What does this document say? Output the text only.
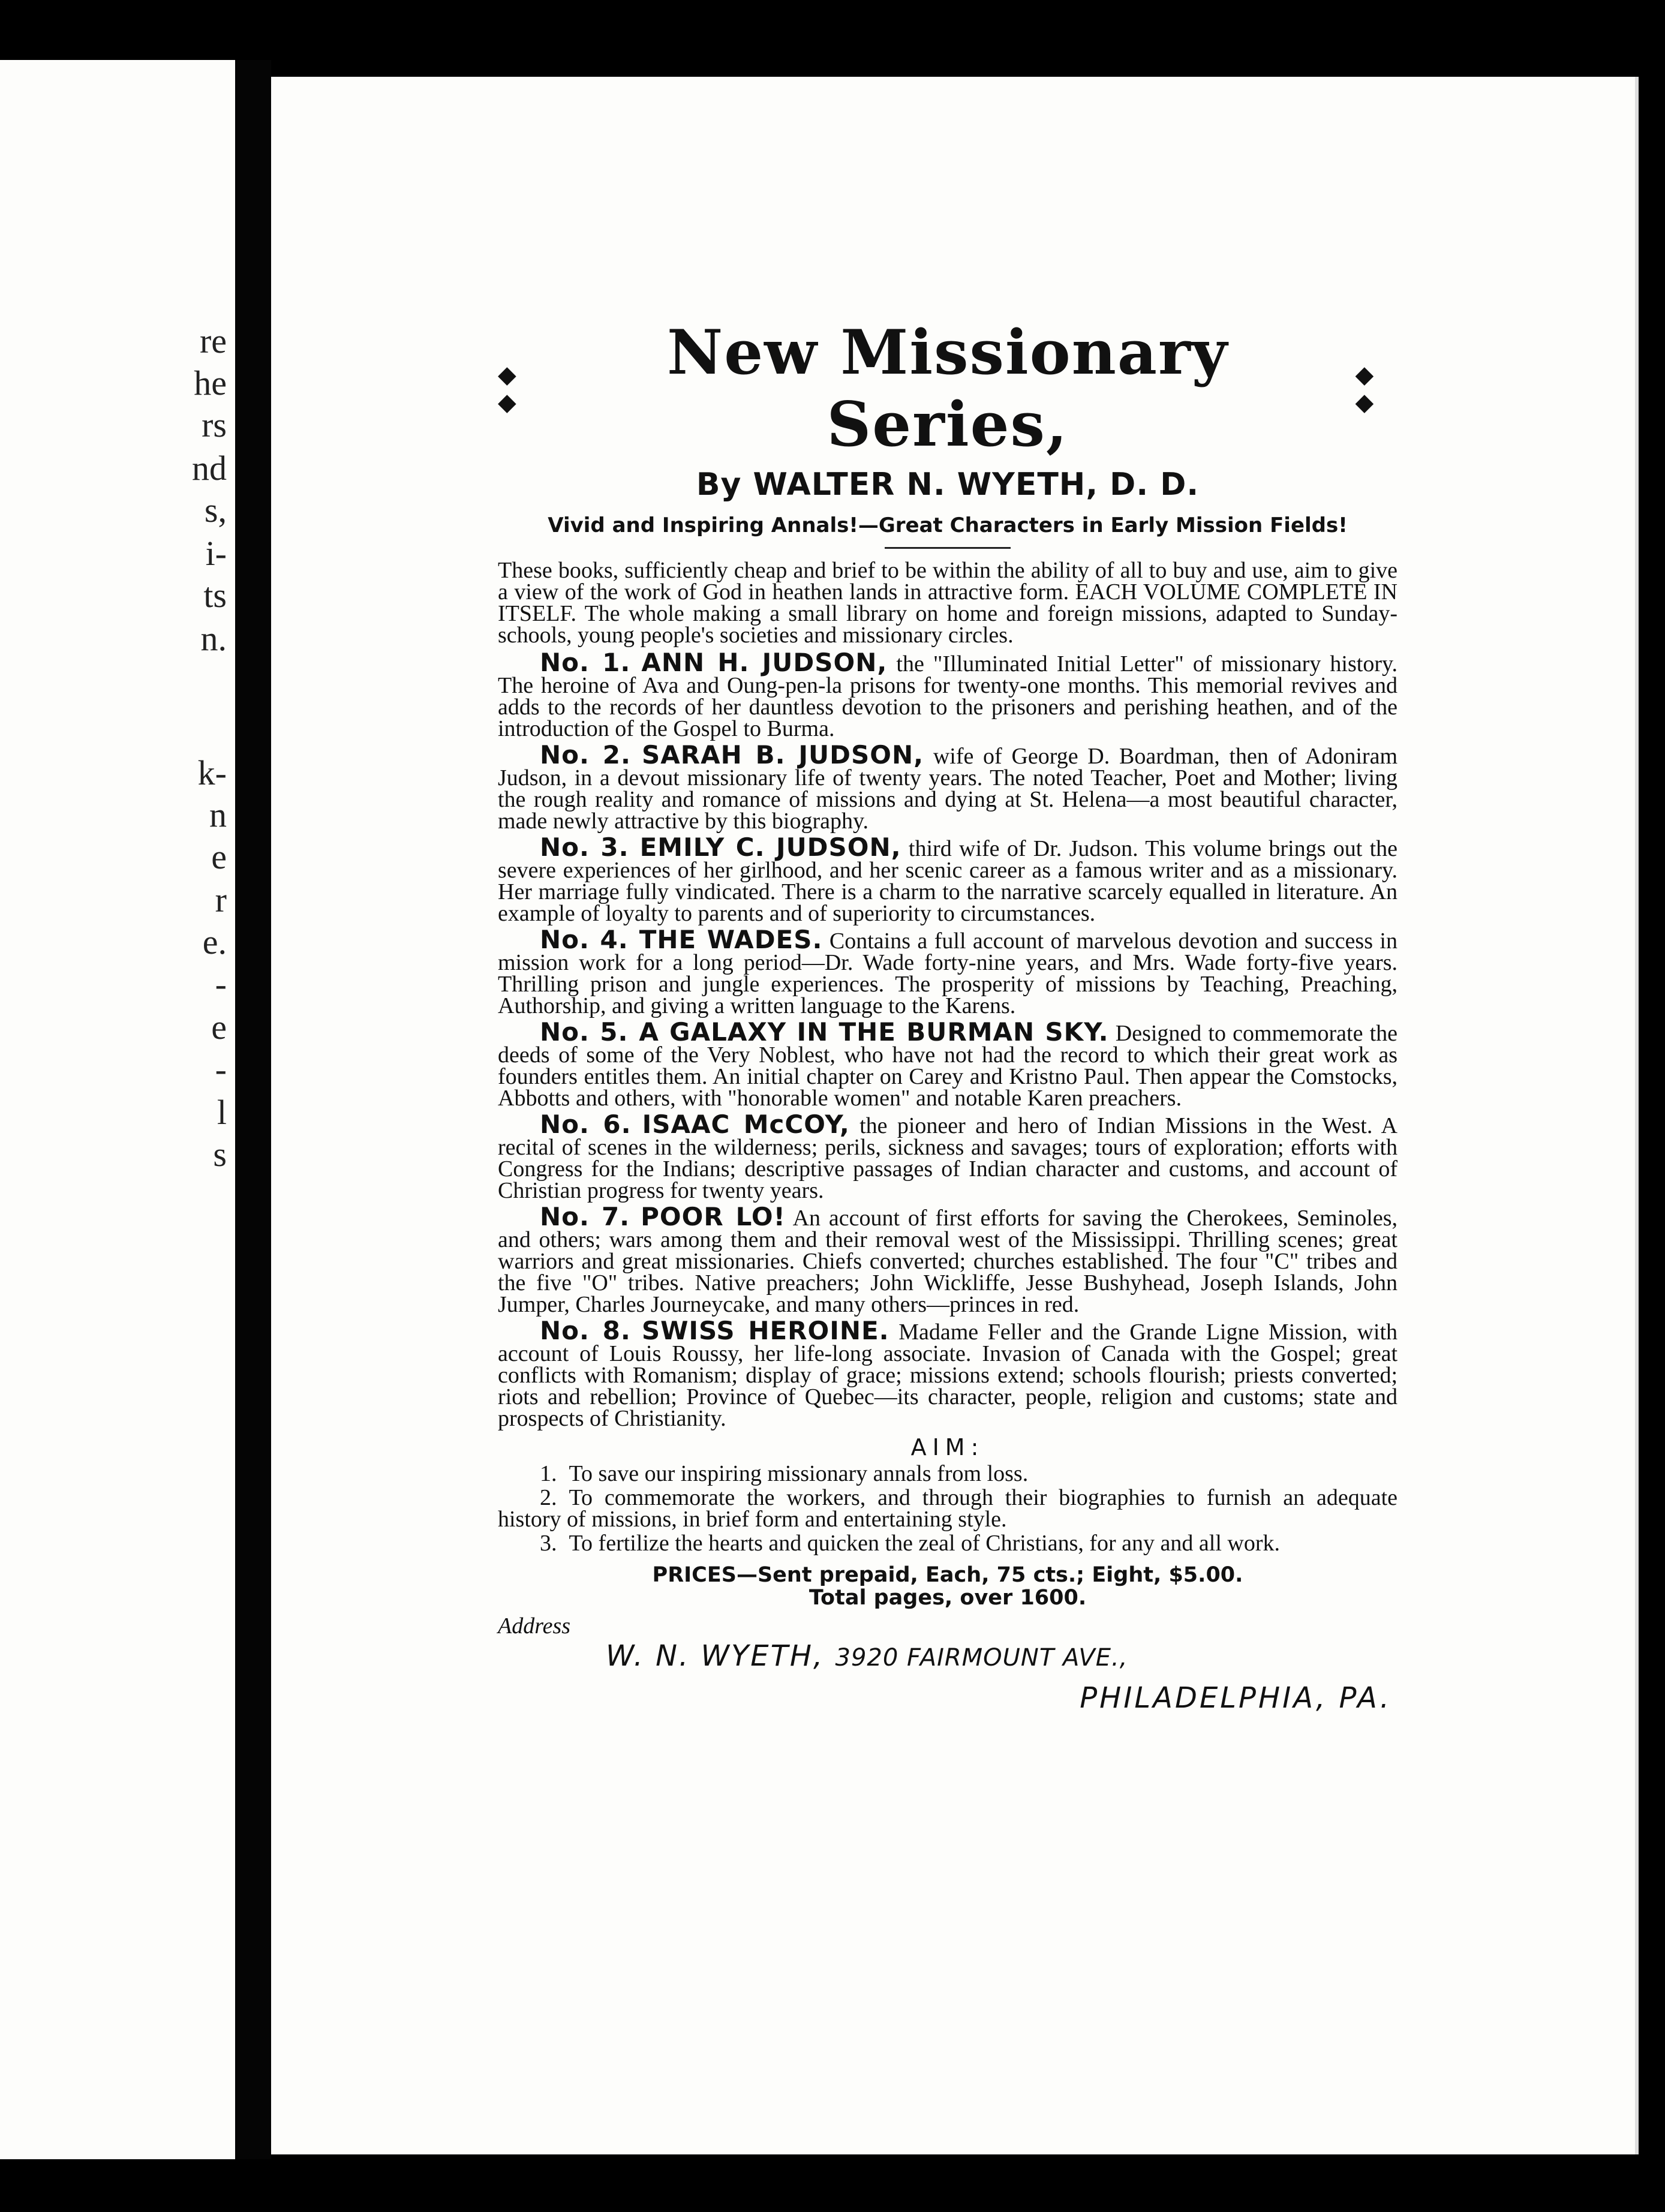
re
he
rs
nd
s,
i-
ts
n.
k-
n
e
r
e.
-
e
-
l
s
◆ ◆
New Missionary Series,
◆ ◆
By WALTER N. WYETH, D. D.
Vivid and Inspiring Annals!—Great Characters in Early Mission Fields!

These books, sufficiently cheap and brief to be within the ability of all to buy and use, aim to give a view of the work of God in heathen lands in attractive form. EACH VOLUME COMPLETE IN ITSELF. The whole making a small library on home and foreign missions, adapted to Sunday-schools, young people's societies and missionary circles.

No. 1. ANN H. JUDSON, the "Illuminated Initial Letter" of missionary history. The heroine of Ava and Oung-pen-la prisons for twenty-one months. This memorial revives and adds to the records of her dauntless devotion to the prisoners and perishing heathen, and of the introduction of the Gospel to Burma.

No. 2. SARAH B. JUDSON, wife of George D. Boardman, then of Adoniram Judson, in a devout missionary life of twenty years. The noted Teacher, Poet and Mother; living the rough reality and romance of missions and dying at St. Helena—a most beautiful character, made newly attractive by this biography.

No. 3. EMILY C. JUDSON, third wife of Dr. Judson. This volume brings out the severe experiences of her girlhood, and her scenic career as a famous writer and as a missionary. Her marriage fully vindicated. There is a charm to the narrative scarcely equalled in literature. An example of loyalty to parents and of superiority to circumstances.

No. 4. THE WADES. Contains a full account of marvelous devotion and success in mission work for a long period—Dr. Wade forty-nine years, and Mrs. Wade forty-five years. Thrilling prison and jungle experiences. The prosperity of missions by Teaching, Preaching, Authorship, and giving a written language to the Karens.

No. 5. A GALAXY IN THE BURMAN SKY. Designed to commemorate the deeds of some of the Very Noblest, who have not had the record to which their great work as founders entitles them. An initial chapter on Carey and Kristno Paul. Then appear the Comstocks, Abbotts and others, with "honorable women" and notable Karen preachers.

No. 6. ISAAC McCOY, the pioneer and hero of Indian Missions in the West. A recital of scenes in the wilderness; perils, sickness and savages; tours of exploration; efforts with Congress for the Indians; descriptive passages of Indian character and customs, and account of Christian progress for twenty years.

No. 7. POOR LO! An account of first efforts for saving the Cherokees, Seminoles, and others; wars among them and their removal west of the Mississippi. Thrilling scenes; great warriors and great missionaries. Chiefs converted; churches established. The four "C" tribes and the five "O" tribes. Native preachers; John Wickliffe, Jesse Bushyhead, Joseph Islands, John Jumper, Charles Journeycake, and many others—princes in red.

No. 8. SWISS HEROINE. Madame Feller and the Grande Ligne Mission, with account of Louis Roussy, her life-long associate. Invasion of Canada with the Gospel; great conflicts with Romanism; display of grace; missions extend; schools flourish; priests converted; riots and rebellion; Province of Quebec—its character, people, religion and customs; state and prospects of Christianity.

AIM:

1. To save our inspiring missionary annals from loss.

2. To commemorate the workers, and through their biographies to furnish an adequate history of missions, in brief form and entertaining style.

3. To fertilize the hearts and quicken the zeal of Christians, for any and all work.

PRICES—Sent prepaid, Each, 75 cts.; Eight, $5.00.
Total pages, over 1600.

Address

W. N. WYETH, 3920 FAIRMOUNT AVE.,

PHILADELPHIA, PA.
